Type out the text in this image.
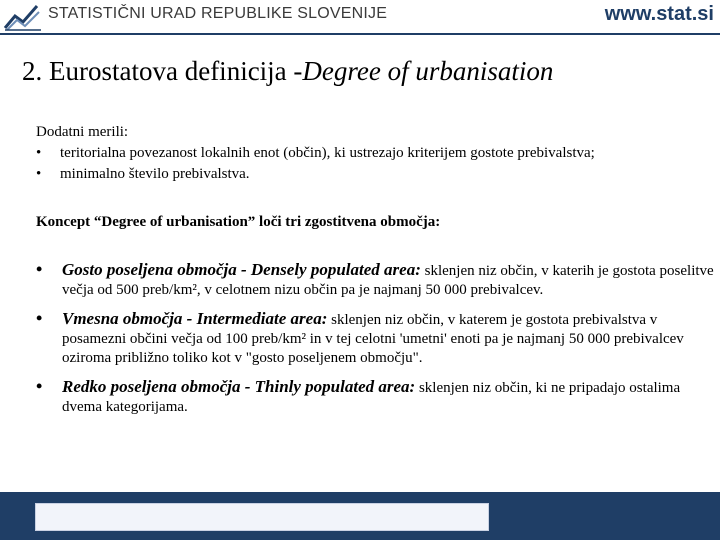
STATISTIČNI URAD REPUBLIKE SLOVENIJE	www.stat.si
2. Eurostatova definicija -Degree of urbanisation
Dodatni merili:
• teritorialna povezanost lokalnih enot (občin), ki ustrezajo kriterijem gostote prebivalstva;
• minimalno število prebivalstva.
Koncept “Degree of urbanisation” loči tri zgostitvena območja:
• Gosto poseljena območja - Densely populated area: sklenjen niz občin, v katerih je gostota poselitve večja od 500 preb/km², v celotnem nizu občin pa je najmanj 50 000 prebivalcev.
• Vmesna območja - Intermediate area: sklenjen niz občin, v katerem je gostota prebivalstva v posamezni občini večja od 100 preb/km² in v tej celotni 'umetni' enoti pa je najmanj 50 000 prebivalcev oziroma približno toliko kot v "gosto poseljenem območju".
• Redko poseljena območja - Thinly populated area: sklenjen niz občin, ki ne pripadajo ostalima dvema kategorijama.
